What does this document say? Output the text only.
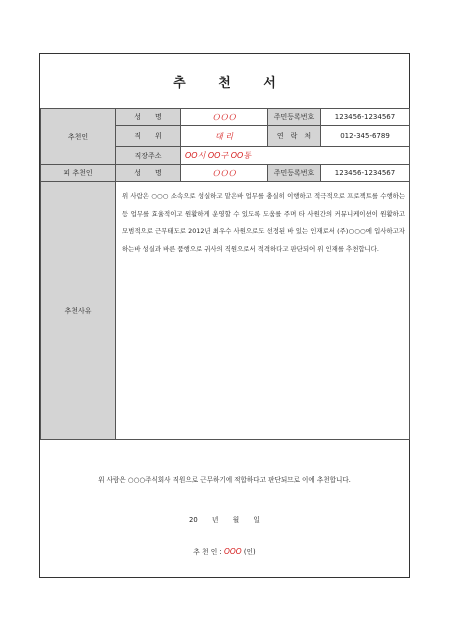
추 천 서
추천인	성　　명	ＯＯＯ	주민등록번호	123456-1234567
	직　　위	대 리	연　락　처	012-345-6789
	직장주소	OO시 OO구 OO동		
피 추천인	성　　명	ＯＯＯ	주민등록번호	123456-1234567
추천사유	위 사람은 ○○○ 소속으로 성실하고 맡은바 업무를 충실히 이행하고 적극적으로 프로젝트를 수행하는 등 업무를 효율적이고 원활하게 운영할 수 있도록 도움를 주며 타 사원간의 커뮤니케이션이 원활하고 모범적으로 근무태도로 2012년 최우수 사원으로도 선정된 바 있는 인재로서 (주)○○○에 입사하고자 하는바 성실과 바른 품행으로 귀사의 직원으로서 적격하다고 판단되어 위 인재를 추천합니다.			
위 사람은 ○○○주식회사 직원으로 근무하기에 적합하다고 판단되므로 이에 추천합니다.
20 년 월 일
추 천 인 : OOO (인)
